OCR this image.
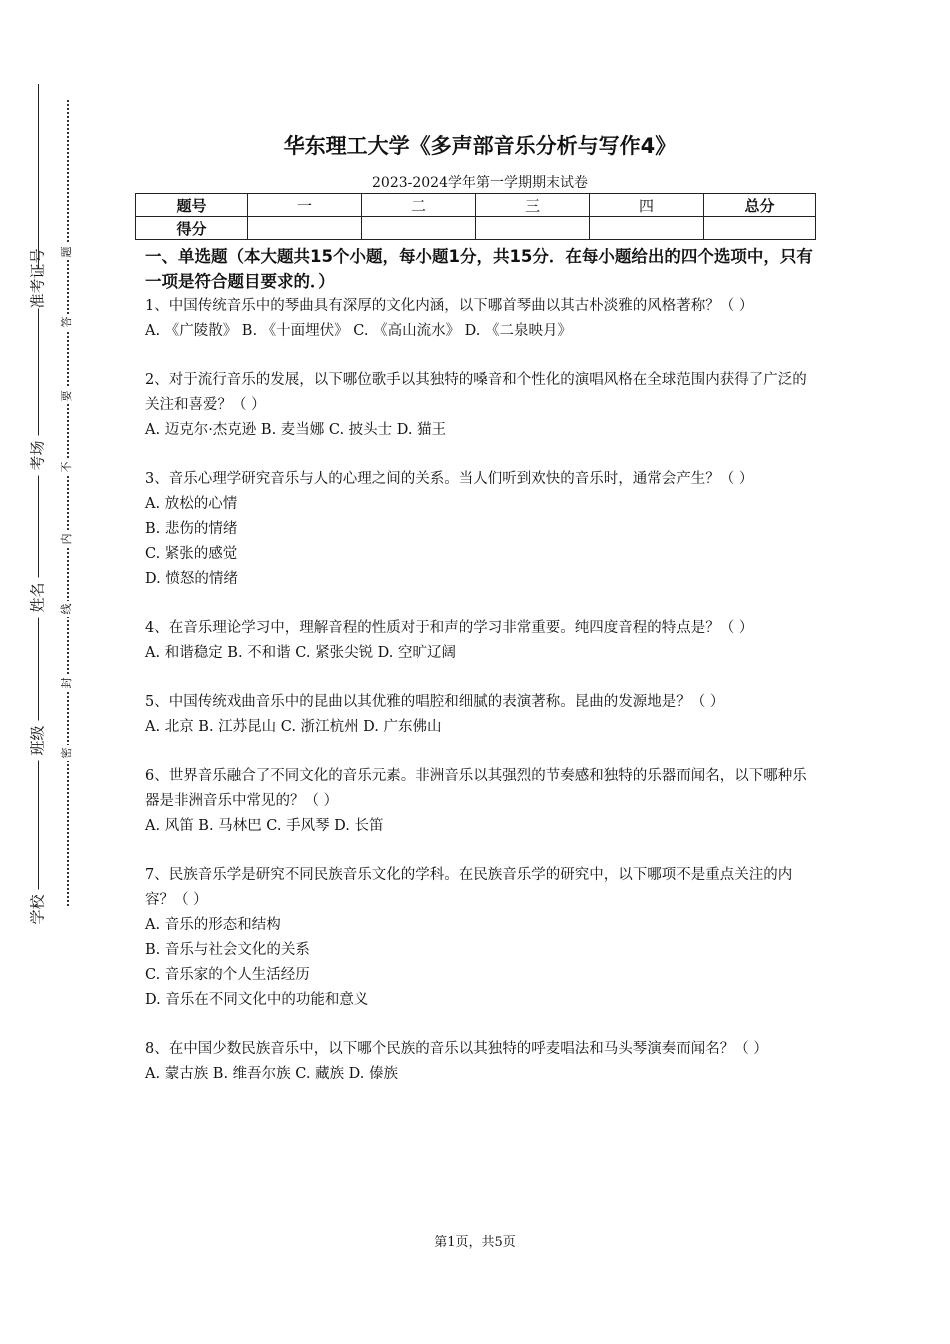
准考证号
考场
姓名
班级
学校
题
答
要
不
内
线
封
密
华东理工大学《多声部音乐分析与写作4》
2023-2024学年第一学期期末试卷
题号	一	二	三	四	总分
得分					

一、单选题（本大题共15个小题，每小题1分，共15分．在每小题给出的四个选项中，只有一项是符合题目要求的．）

1、中国传统音乐中的琴曲具有深厚的文化内涵，以下哪首琴曲以其古朴淡雅的风格著称？（ ）

A. 《广陵散》 B. 《十面埋伏》 C. 《高山流水》 D. 《二泉映月》

2、对于流行音乐的发展，以下哪位歌手以其独特的嗓音和个性化的演唱风格在全球范围内获得了广泛的关注和喜爱？（ ）

A. 迈克尔·杰克逊 B. 麦当娜 C. 披头士 D. 猫王

3、音乐心理学研究音乐与人的心理之间的关系。当人们听到欢快的音乐时，通常会产生？（ ）

A. 放松的心情

B. 悲伤的情绪

C. 紧张的感觉

D. 愤怒的情绪

4、在音乐理论学习中，理解音程的性质对于和声的学习非常重要。纯四度音程的特点是？（ ）

A. 和谐稳定 B. 不和谐 C. 紧张尖锐 D. 空旷辽阔

5、中国传统戏曲音乐中的昆曲以其优雅的唱腔和细腻的表演著称。昆曲的发源地是？（ ）

A. 北京 B. 江苏昆山 C. 浙江杭州 D. 广东佛山

6、世界音乐融合了不同文化的音乐元素。非洲音乐以其强烈的节奏感和独特的乐器而闻名，以下哪种乐器是非洲音乐中常见的？（ ）

A. 风笛 B. 马林巴 C. 手风琴 D. 长笛

7、民族音乐学是研究不同民族音乐文化的学科。在民族音乐学的研究中，以下哪项不是重点关注的内容？（ ）

A. 音乐的形态和结构

B. 音乐与社会文化的关系

C. 音乐家的个人生活经历

D. 音乐在不同文化中的功能和意义

8、在中国少数民族音乐中，以下哪个民族的音乐以其独特的呼麦唱法和马头琴演奏而闻名？（ ）

A. 蒙古族 B. 维吾尔族 C. 藏族 D. 傣族

第1页，共5页
